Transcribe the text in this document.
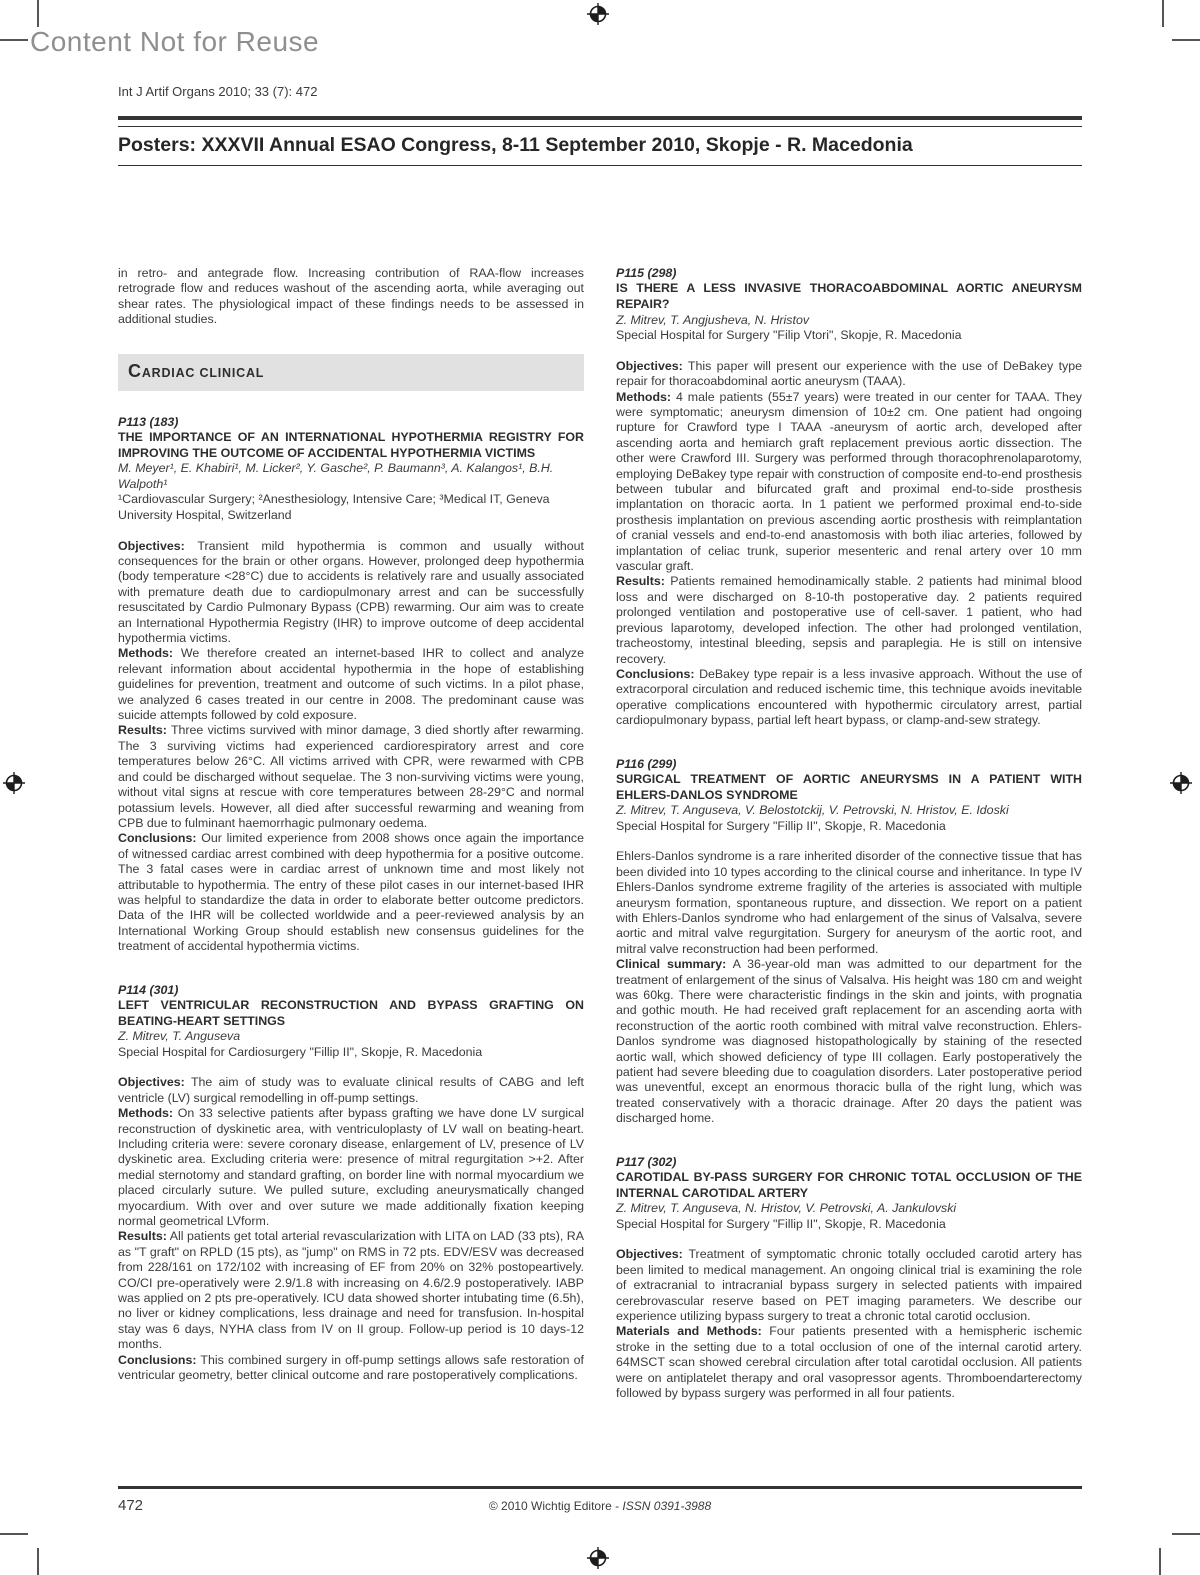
Content Not for Reuse
Int J Artif Organs 2010; 33 (7): 472
Posters: XXXVII Annual ESAO Congress, 8-11 September 2010, Skopje - R. Macedonia

in retro- and antegrade flow. Increasing contribution of RAA-flow increases retrograde flow and reduces washout of the ascending aorta, while averaging out shear rates. The physiological impact of these findings needs to be assessed in additional studies.

CARDIAC CLINICAL

P113 (183)

THE IMPORTANCE OF AN INTERNATIONAL HYPOTHERMIA REGISTRY FOR IMPROVING THE OUTCOME OF ACCIDENTAL HYPOTHERMIA VICTIMS

M. Meyer¹, E. Khabiri¹, M. Licker², Y. Gasche², P. Baumann³, A. Kalangos¹, B.H. Walpoth¹

¹Cardiovascular Surgery; ²Anesthesiology, Intensive Care; ³Medical IT, Geneva University Hospital, Switzerland

Objectives: Transient mild hypothermia is common and usually without consequences for the brain or other organs. However, prolonged deep hypothermia (body temperature <28°C) due to accidents is relatively rare and usually associated with premature death due to cardiopulmonary arrest and can be successfully resuscitated by Cardio Pulmonary Bypass (CPB) rewarming. Our aim was to create an International Hypothermia Registry (IHR) to improve outcome of deep accidental hypothermia victims.

Methods: We therefore created an internet-based IHR to collect and analyze relevant information about accidental hypothermia in the hope of establishing guidelines for prevention, treatment and outcome of such victims. In a pilot phase, we analyzed 6 cases treated in our centre in 2008. The predominant cause was suicide attempts followed by cold exposure.

Results: Three victims survived with minor damage, 3 died shortly after rewarming. The 3 surviving victims had experienced cardiorespiratory arrest and core temperatures below 26°C. All victims arrived with CPR, were rewarmed with CPB and could be discharged without sequelae. The 3 non-surviving victims were young, without vital signs at rescue with core temperatures between 28-29°C and normal potassium levels. However, all died after successful rewarming and weaning from CPB due to fulminant haemorrhagic pulmonary oedema.

Conclusions: Our limited experience from 2008 shows once again the importance of witnessed cardiac arrest combined with deep hypothermia for a positive outcome. The 3 fatal cases were in cardiac arrest of unknown time and most likely not attributable to hypothermia. The entry of these pilot cases in our internet-based IHR was helpful to standardize the data in order to elaborate better outcome predictors. Data of the IHR will be collected worldwide and a peer-reviewed analysis by an International Working Group should establish new consensus guidelines for the treatment of accidental hypothermia victims.

P114 (301)

LEFT VENTRICULAR RECONSTRUCTION AND BYPASS GRAFTING ON BEATING-HEART SETTINGS

Z. Mitrev, T. Anguseva

Special Hospital for Cardiosurgery "Fillip II", Skopje, R. Macedonia

Objectives: The aim of study was to evaluate clinical results of CABG and left ventricle (LV) surgical remodelling in off-pump settings.

Methods: On 33 selective patients after bypass grafting we have done LV surgical reconstruction of dyskinetic area, with ventriculoplasty of LV wall on beating-heart. Including criteria were: severe coronary disease, enlargement of LV, presence of LV dyskinetic area. Excluding criteria were: presence of mitral regurgitation >+2. After medial sternotomy and standard grafting, on border line with normal myocardium we placed circularly suture. We pulled suture, excluding aneurysmatically changed myocardium. With over and over suture we made additionally fixation keeping normal geometrical LVform.

Results: All patients get total arterial revascularization with LITA on LAD (33 pts), RA as "T graft" on RPLD (15 pts), as "jump" on RMS in 72 pts. EDV/ESV was decreased from 228/161 on 172/102 with increasing of EF from 20% on 32% postopeartively. CO/CI pre-operatively were 2.9/1.8 with increasing on 4.6/2.9 postoperatively. IABP was applied on 2 pts pre-operatively. ICU data showed shorter intubating time (6.5h), no liver or kidney complications, less drainage and need for transfusion. In-hospital stay was 6 days, NYHA class from IV on II group. Follow-up period is 10 days-12 months.

Conclusions: This combined surgery in off-pump settings allows safe restoration of ventricular geometry, better clinical outcome and rare postoperatively complications.

P115 (298)

IS THERE A LESS INVASIVE THORACOABDOMINAL AORTIC ANEURYSM REPAIR?

Z. Mitrev, T. Angjusheva, N. Hristov

Special Hospital for Surgery "Filip Vtori", Skopje, R. Macedonia

Objectives: This paper will present our experience with the use of DeBakey type repair for thoracoabdominal aortic aneurysm (TAAA).

Methods: 4 male patients (55±7 years) were treated in our center for TAAA. They were symptomatic; aneurysm dimension of 10±2 cm. One patient had ongoing rupture for Crawford type I TAAA -aneurysm of aortic arch, developed after ascending aorta and hemiarch graft replacement previous aortic dissection. The other were Crawford III. Surgery was performed through thoracophrenolaparotomy, employing DeBakey type repair with construction of composite end-to-end prosthesis between tubular and bifurcated graft and proximal end-to-side prosthesis implantation on thoracic aorta. In 1 patient we performed proximal end-to-side prosthesis implantation on previous ascending aortic prosthesis with reimplantation of cranial vessels and end-to-end anastomosis with both iliac arteries, followed by implantation of celiac trunk, superior mesenteric and renal artery over 10 mm vascular graft.

Results: Patients remained hemodinamically stable. 2 patients had minimal blood loss and were discharged on 8-10-th postoperative day. 2 patients required prolonged ventilation and postoperative use of cell-saver. 1 patient, who had previous laparotomy, developed infection. The other had prolonged ventilation, tracheostomy, intestinal bleeding, sepsis and paraplegia. He is still on intensive recovery.

Conclusions: DeBakey type repair is a less invasive approach. Without the use of extracorporal circulation and reduced ischemic time, this technique avoids inevitable operative complications encountered with hypothermic circulatory arrest, partial cardiopulmonary bypass, partial left heart bypass, or clamp-and-sew strategy.

P116 (299)

SURGICAL TREATMENT OF AORTIC ANEURYSMS IN A PATIENT WITH EHLERS-DANLOS SYNDROME

Z. Mitrev, T. Anguseva, V. Belostotckij, V. Petrovski, N. Hristov, E. Idoski

Special Hospital for Surgery "Fillip II", Skopje, R. Macedonia

Ehlers-Danlos syndrome is a rare inherited disorder of the connective tissue that has been divided into 10 types according to the clinical course and inheritance. In type IV Ehlers-Danlos syndrome extreme fragility of the arteries is associated with multiple aneurysm formation, spontaneous rupture, and dissection. We report on a patient with Ehlers-Danlos syndrome who had enlargement of the sinus of Valsalva, severe aortic and mitral valve regurgitation. Surgery for aneurysm of the aortic root, and mitral valve reconstruction had been performed.

Clinical summary: A 36-year-old man was admitted to our department for the treatment of enlargement of the sinus of Valsalva. His height was 180 cm and weight was 60kg. There were characteristic findings in the skin and joints, with prognatia and gothic mouth. He had received graft replacement for an ascending aorta with reconstruction of the aortic rooth combined with mitral valve reconstruction. Ehlers-Danlos syndrome was diagnosed histopathologically by staining of the resected aortic wall, which showed deficiency of type III collagen. Early postoperatively the patient had severe bleeding due to coagulation disorders. Later postoperative period was uneventful, except an enormous thoracic bulla of the right lung, which was treated conservatively with a thoracic drainage. After 20 days the patient was discharged home.

P117 (302)

CAROTIDAL BY-PASS SURGERY FOR CHRONIC TOTAL OCCLUSION OF THE INTERNAL CAROTIDAL ARTERY

Z. Mitrev, T. Anguseva, N. Hristov, V. Petrovski, A. Jankulovski

Special Hospital for Surgery "Fillip II", Skopje, R. Macedonia

Objectives: Treatment of symptomatic chronic totally occluded carotid artery has been limited to medical management. An ongoing clinical trial is examining the role of extracranial to intracranial bypass surgery in selected patients with impaired cerebrovascular reserve based on PET imaging parameters. We describe our experience utilizing bypass surgery to treat a chronic total carotid occlusion.

Materials and Methods: Four patients presented with a hemispheric ischemic stroke in the setting due to a total occlusion of one of the internal carotid artery. 64MSCT scan showed cerebral circulation after total carotidal occlusion. All patients were on antiplatelet therapy and oral vasopressor agents. Thromboendarterectomy followed by bypass surgery was performed in all four patients.

472	© 2010 Wichtig Editore - ISSN 0391-3988
